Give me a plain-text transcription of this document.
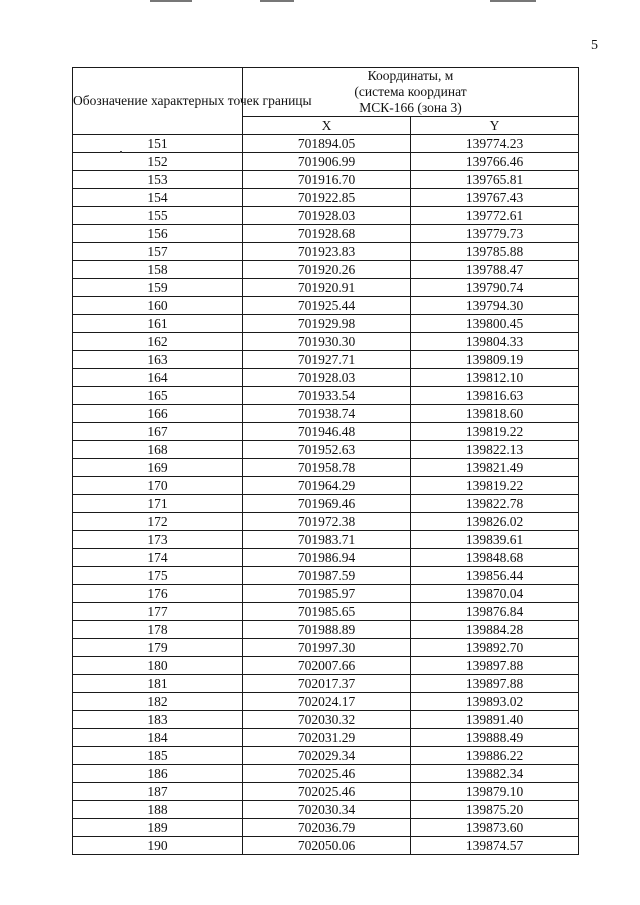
5
Обозначение характерных точек границы	Координаты, м
(система координат
МСК-166 (зона 3)	

	X	Y
151	701894.05	139774.23
152	701906.99	139766.46
153	701916.70	139765.81
154	701922.85	139767.43
155	701928.03	139772.61
156	701928.68	139779.73
157	701923.83	139785.88
158	701920.26	139788.47
159	701920.91	139790.74
160	701925.44	139794.30
161	701929.98	139800.45
162	701930.30	139804.33
163	701927.71	139809.19
164	701928.03	139812.10
165	701933.54	139816.63
166	701938.74	139818.60
167	701946.48	139819.22
168	701952.63	139822.13
169	701958.78	139821.49
170	701964.29	139819.22
171	701969.46	139822.78
172	701972.38	139826.02
173	701983.71	139839.61
174	701986.94	139848.68
175	701987.59	139856.44
176	701985.97	139870.04
177	701985.65	139876.84
178	701988.89	139884.28
179	701997.30	139892.70
180	702007.66	139897.88
181	702017.37	139897.88
182	702024.17	139893.02
183	702030.32	139891.40
184	702031.29	139888.49
185	702029.34	139886.22
186	702025.46	139882.34
187	702025.46	139879.10
188	702030.34	139875.20
189	702036.79	139873.60
190	702050.06	139874.57
